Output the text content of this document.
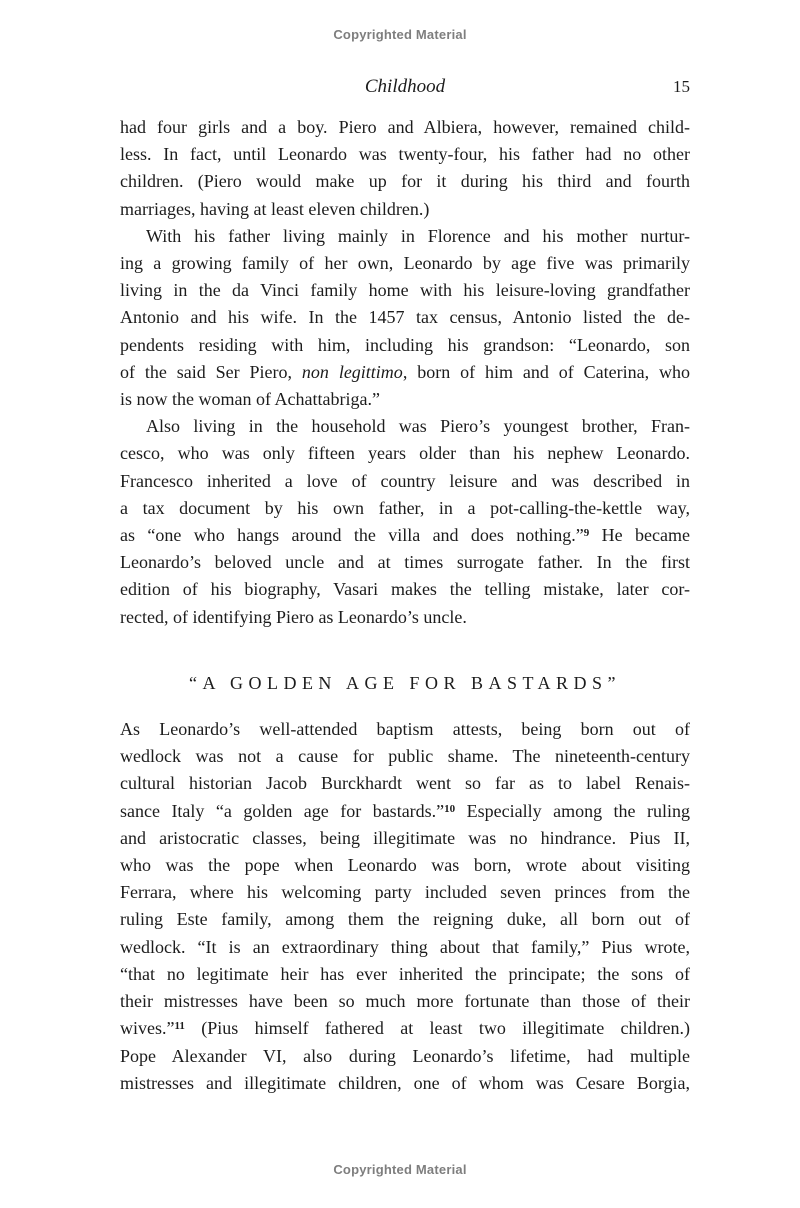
Copyrighted Material
Childhood	15
had four girls and a boy. Piero and Albiera, however, remained child-
less. In fact, until Leonardo was twenty-four, his father had no other
children. (Piero would make up for it during his third and fourth
marriages, having at least eleven children.)
With his father living mainly in Florence and his mother nurtur-
ing a growing family of her own, Leonardo by age five was primarily
living in the da Vinci family home with his leisure-loving grandfather
Antonio and his wife. In the 1457 tax census, Antonio listed the de-
pendents residing with him, including his grandson: “Leonardo, son
of the said Ser Piero, non legittimo, born of him and of Caterina, who
is now the woman of Achattabriga.”
Also living in the household was Piero’s youngest brother, Fran-
cesco, who was only fifteen years older than his nephew Leonardo.
Francesco inherited a love of country leisure and was described in
a tax document by his own father, in a pot-calling-the-kettle way,
as “one who hangs around the villa and does nothing.”$^9$ He became
Leonardo’s beloved uncle and at times surrogate father. In the first
edition of his biography, Vasari makes the telling mistake, later cor-
rected, of identifying Piero as Leonardo’s uncle.
“A GOLDEN AGE FOR BASTARDS”
As Leonardo’s well-attended baptism attests, being born out of
wedlock was not a cause for public shame. The nineteenth-century
cultural historian Jacob Burckhardt went so far as to label Renais-
sance Italy “a golden age for bastards.”$^{10}$ Especially among the ruling
and aristocratic classes, being illegitimate was no hindrance. Pius II,
who was the pope when Leonardo was born, wrote about visiting
Ferrara, where his welcoming party included seven princes from the
ruling Este family, among them the reigning duke, all born out of
wedlock. “It is an extraordinary thing about that family,” Pius wrote,
“that no legitimate heir has ever inherited the principate; the sons of
their mistresses have been so much more fortunate than those of their
wives.”$^{11}$ (Pius himself fathered at least two illegitimate children.)
Pope Alexander VI, also during Leonardo’s lifetime, had multiple
mistresses and illegitimate children, one of whom was Cesare Borgia,
Copyrighted Material
